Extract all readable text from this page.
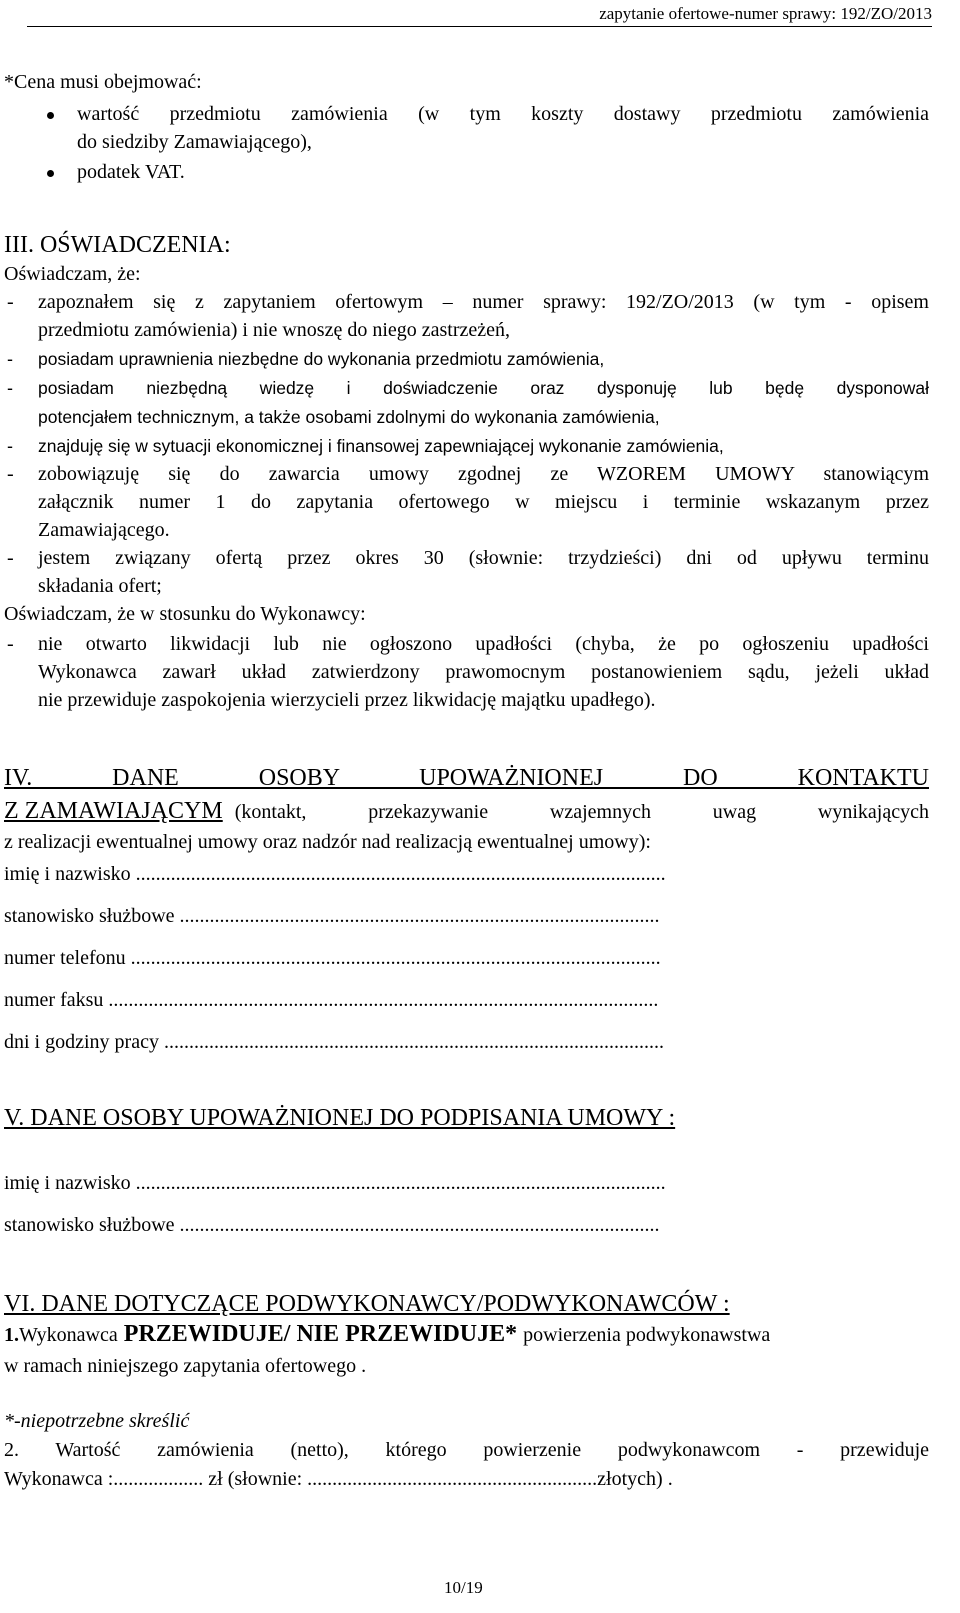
zapytanie ofertowe-numer sprawy: 192/ZO/2013
*Cena musi obejmować:
wartość przedmiotu zamówienia (w tym koszty dostawy przedmiotu zamówienia
do siedziby Zamawiającego),
podatek VAT.
III. OŚWIADCZENIA:
Oświadczam, że:
- zapoznałem się z zapytaniem ofertowym – numer sprawy: 192/ZO/2013 (w tym - opisem
przedmiotu zamówienia) i nie wnoszę do niego zastrzeżeń,
- posiadam uprawnienia niezbędne do wykonania przedmiotu zamówienia,
- posiadam niezbędną wiedzę i doświadczenie oraz dysponuję lub będę dysponował
potencjałem technicznym, a także osobami zdolnymi do wykonania zamówienia,
- znajduję się w sytuacji ekonomicznej i finansowej zapewniającej wykonanie zamówienia,
- zobowiązuję się do zawarcia umowy zgodnej ze WZOREM UMOWY stanowiącym
załącznik numer 1 do zapytania ofertowego w miejscu i terminie wskazanym przez
Zamawiającego.
- jestem związany ofertą przez okres 30 (słownie: trzydzieści) dni od upływu terminu
składania ofert;
Oświadczam, że w stosunku do Wykonawcy:
- nie otwarto likwidacji lub nie ogłoszono upadłości (chyba, że po ogłoszeniu upadłości
Wykonawca zawarł układ zatwierdzony prawomocnym postanowieniem sądu, jeżeli układ
nie przewiduje zaspokojenia wierzycieli przez likwidację majątku upadłego).
IV. DANE OSOBY UPOWAŻNIONEJ DO KONTAKTU
Z ZAMAWIAJĄCYM (kontakt, przekazywanie wzajemnych uwag wynikających
z realizacji ewentualnej umowy oraz nadzór nad realizacją ewentualnej umowy):
imię i nazwisko ..........................................................................................................
stanowisko służbowe ................................................................................................
numer telefonu ..........................................................................................................
numer faksu ..............................................................................................................
dni i godziny pracy ....................................................................................................
V. DANE OSOBY UPOWAŻNIONEJ DO PODPISANIA UMOWY :
imię i nazwisko ..........................................................................................................
stanowisko służbowe ................................................................................................
VI. DANE DOTYCZĄCE PODWYKONAWCY/PODWYKONAWCÓW :
1. Wykonawca PRZEWIDUJE/ NIE PRZEWIDUJE* powierzenia podwykonawstwa
w ramach niniejszego zapytania ofertowego .
*-niepotrzebne skreślić
2. Wartość zamówienia (netto), którego powierzenie podwykonawcom - przewiduje
Wykonawca :.................. zł (słownie: ..........................................................złotych) .
10/19
